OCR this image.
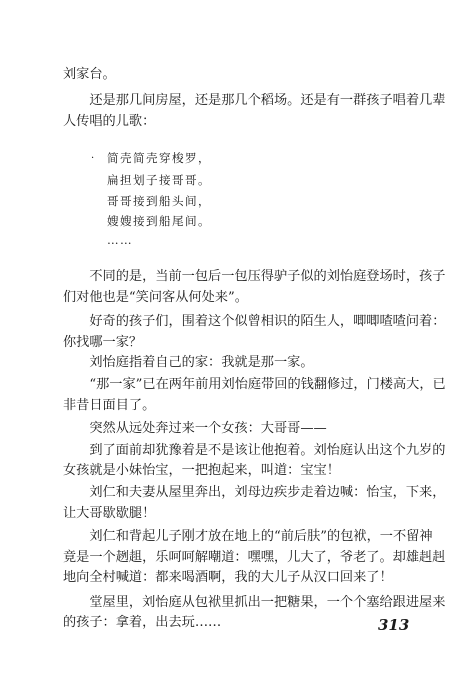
刘家台。
　　还是那几间房屋，还是那几个稻场。还是有一群孩子唱着几辈
人传唱的儿歌：
· 简壳简壳穿梭罗，
扁担划子接哥哥。
哥哥接到船头间，
嫂嫂接到船尾间。
……
　　不同的是，当前一包后一包压得驴子似的刘怡庭登场时，孩子
们对他也是“笑问客从何处来”。
　　好奇的孩子们，围着这个似曾相识的陌生人，唧唧喳喳问着：
你找哪一家？
　　刘怡庭指着自己的家：我就是那一家。
　　“那一家”已在两年前用刘怡庭带回的钱翻修过，门楼高大，已
非昔日面目了。
　　突然从远处奔过来一个女孩：大哥哥——
　　到了面前却犹豫着是不是该让他抱着。刘怡庭认出这个九岁的
女孩就是小妹怡宝，一把抱起来，叫道：宝宝！
　　刘仁和夫妻从屋里奔出，刘母边疾步走着边喊：怡宝，下来，
让大哥歇歇腿！
　　刘仁和背起儿子刚才放在地上的“前后肤”的包袱，一不留神
竟是一个趔趄，乐呵呵解嘲道：嘿嘿，儿大了，爷老了。却雄赳赳
地向全村喊道：都来喝酒啊，我的大儿子从汉口回来了！
　　堂屋里，刘怡庭从包袱里抓出一把糖果，一个个塞给跟进屋来
的孩子：拿着，出去玩……	313
